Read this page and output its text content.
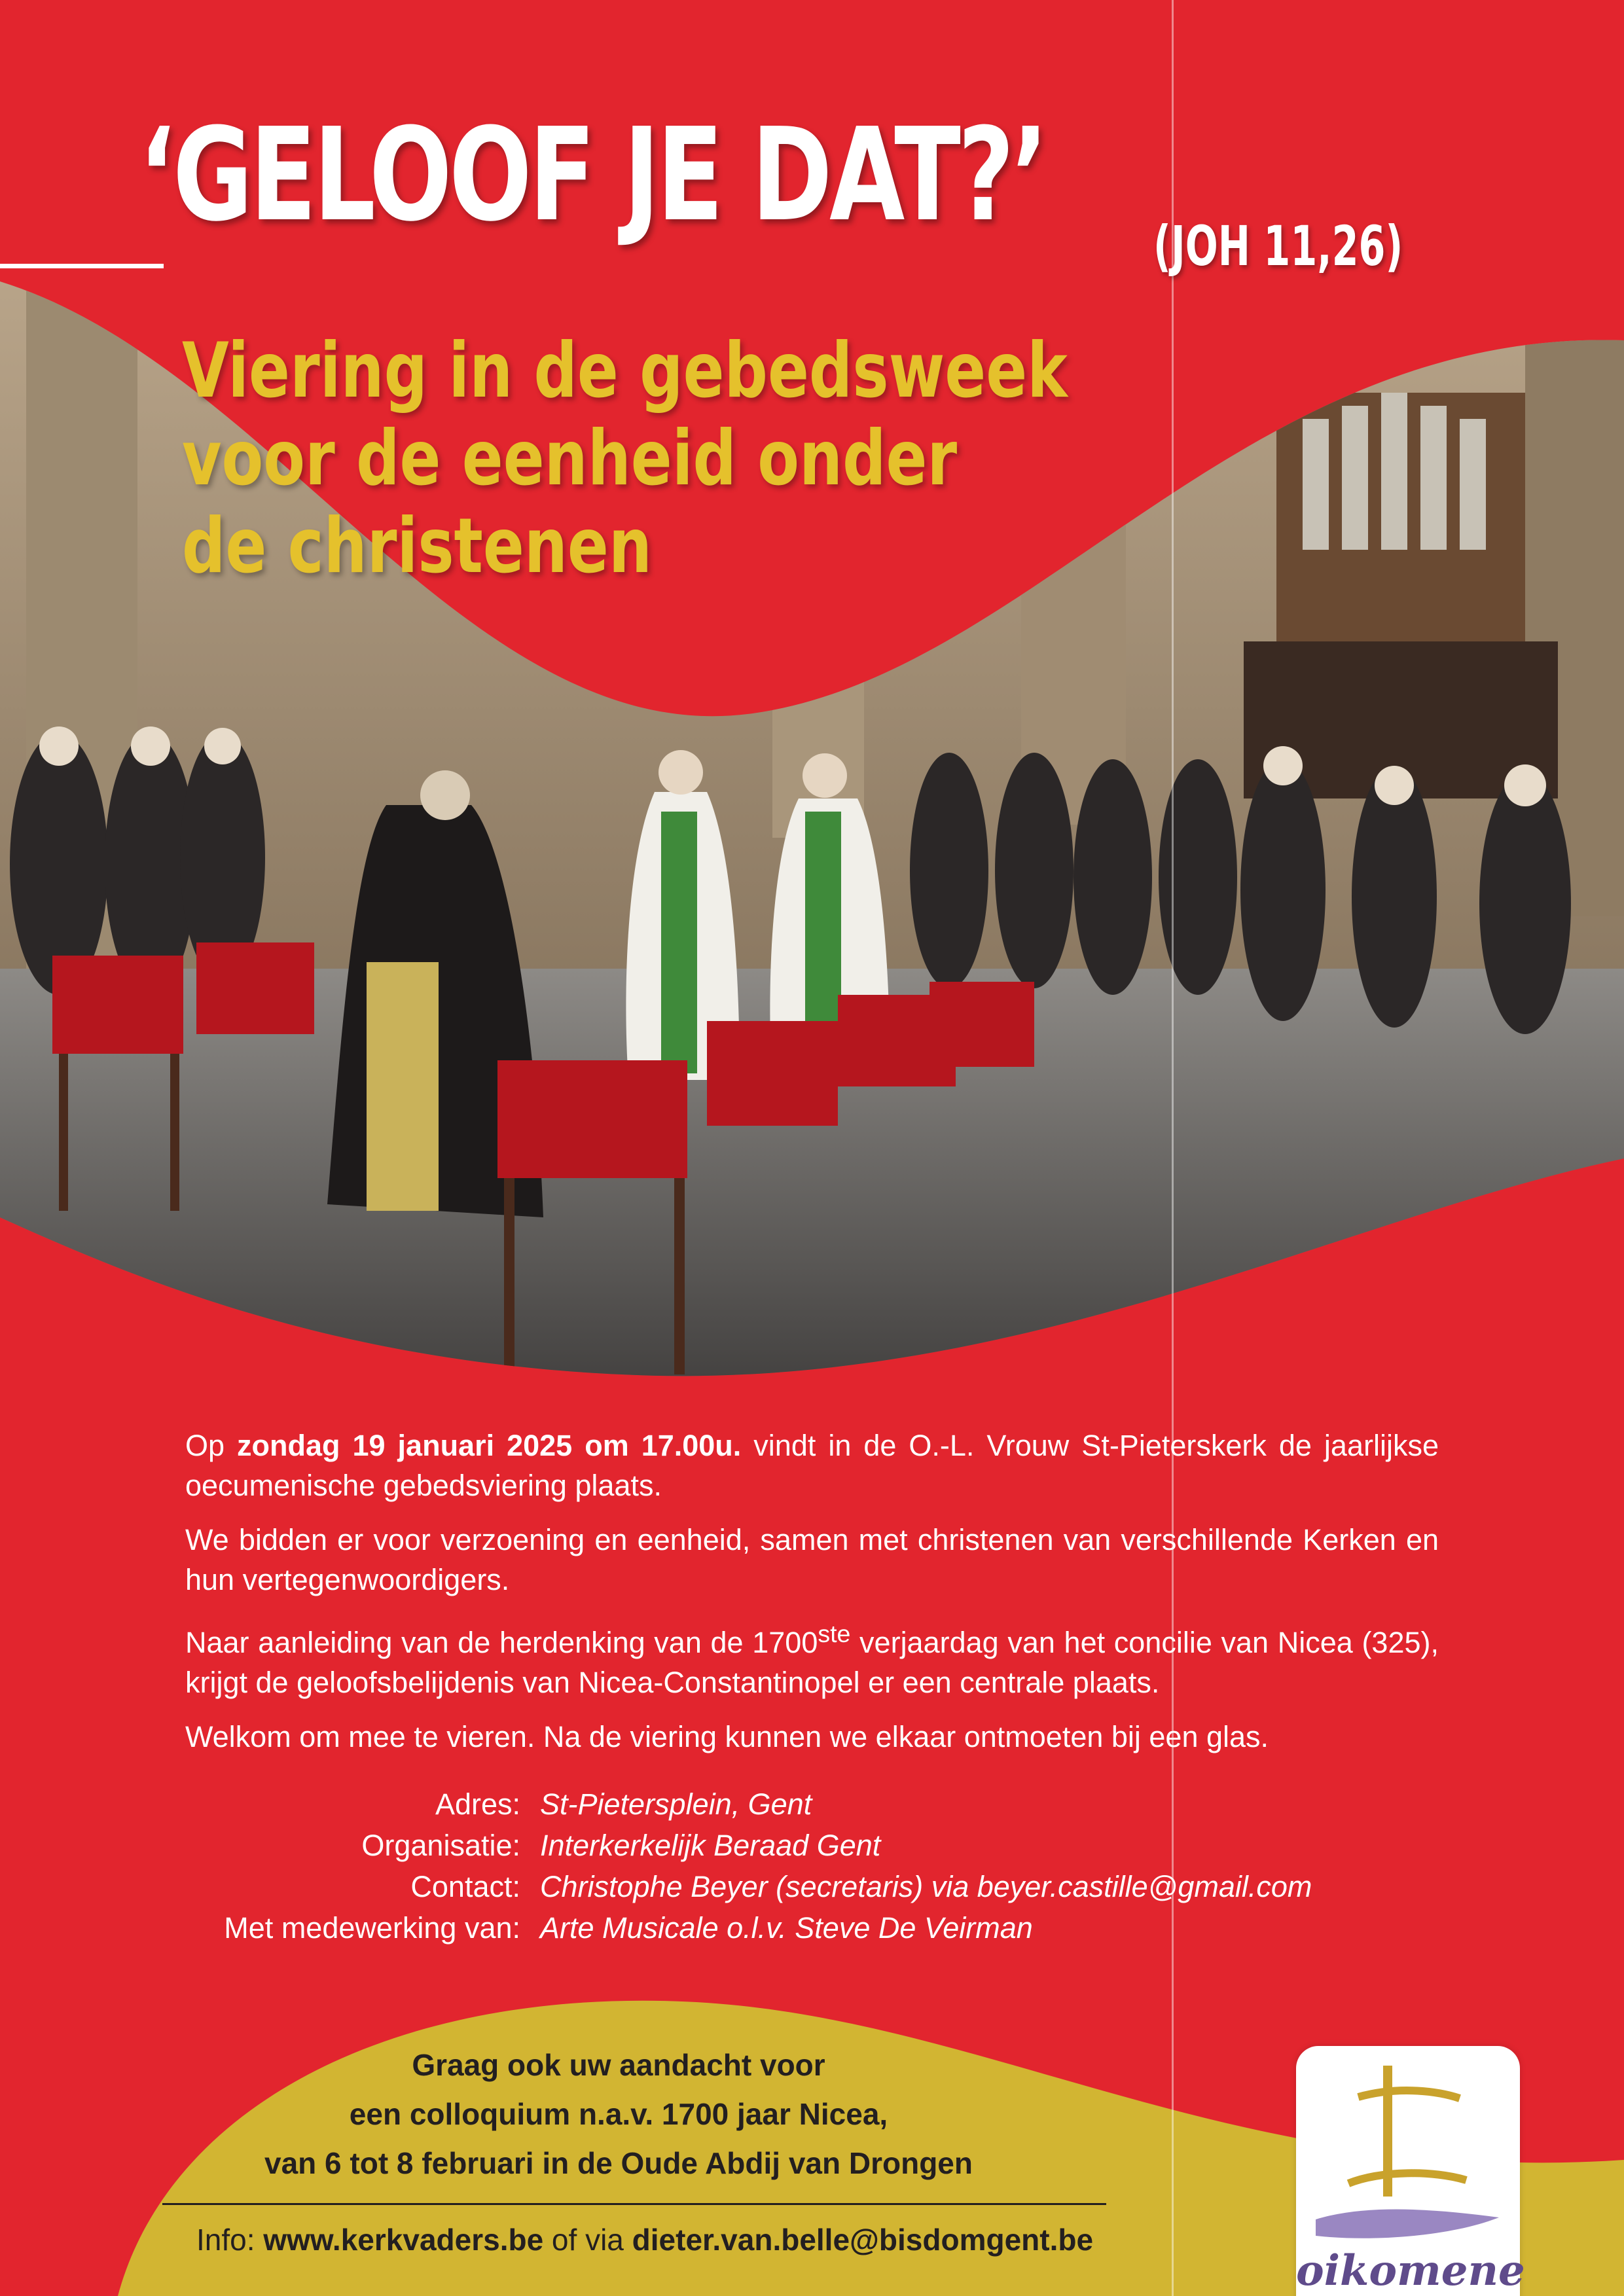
‘GELOOF JE DAT?’ (JOH 11,26)
Viering in de gebedsweek
voor de eenheid onder
de christenen

Op zondag 19 januari 2025 om 17.00u. vindt in de O.-L. Vrouw St-Pieterskerk de jaarlijkse oecumenische gebedsviering plaats.

We bidden er voor verzoening en eenheid, samen met christenen van verschillende Kerken en hun vertegenwoordigers.

Naar aanleiding van de herdenking van de 1700ste verjaardag van het concilie van Nicea (325), krijgt de geloofsbelijdenis van Nicea-Constantinopel er een centrale plaats.

Welkom om mee te vieren. Na de viering kunnen we elkaar ontmoeten bij een glas.

Adres: St-Pietersplein, Gent
Organisatie: Interkerkelijk Beraad Gent
Contact: Christophe Beyer (secretaris) via beyer.castille@gmail.com
Met medewerking van: Arte Musicale o.l.v. Steve De Veirman
Graag ook uw aandacht voor
een colloquium n.a.v. 1700 jaar Nicea,
van 6 tot 8 februari in de Oude Abdij van Drongen
Info: www.kerkvaders.be of via dieter.van.belle@bisdomgent.be
oikomene
